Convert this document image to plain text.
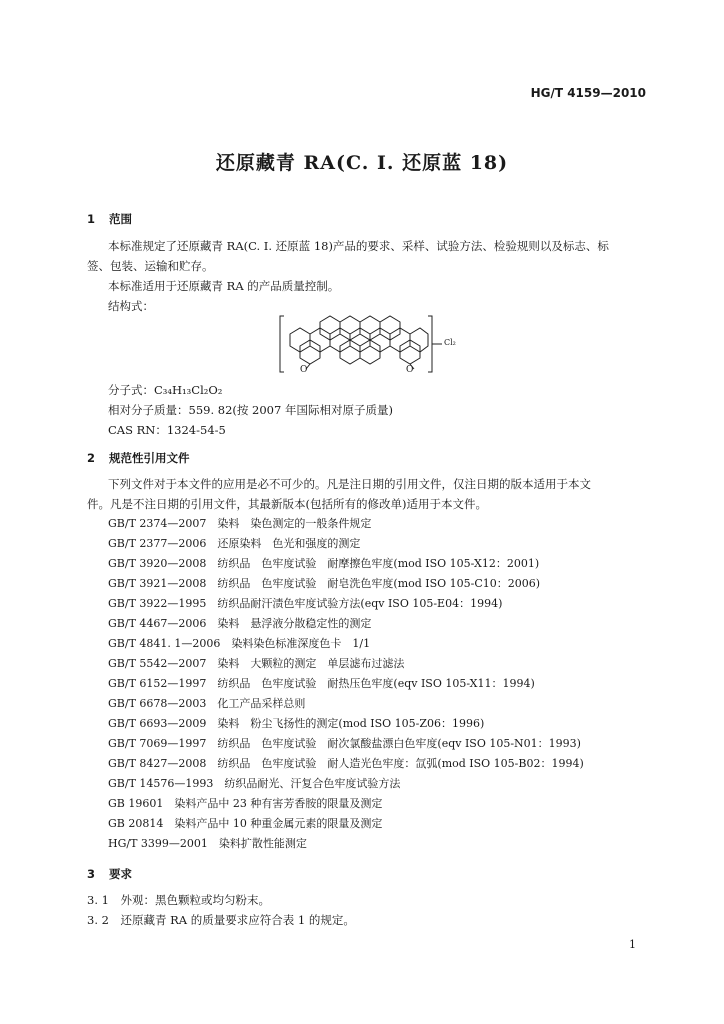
HG/T 4159—2010
还原藏青 RA(C. I. 还原蓝 18)
1 范围
本标准规定了还原藏青 RA(C. I. 还原蓝 18)产品的要求、采样、试验方法、检验规则以及标志、标
签、包装、运输和贮存。
本标准适用于还原藏青 RA 的产品质量控制。
结构式：
O	O
Cl₂
分子式：C₃₄H₁₃Cl₂O₂
相对分子质量：559. 82(按 2007 年国际相对原子质量)
CAS RN：1324-54-5
2 规范性引用文件
下列文件对于本文件的应用是必不可少的。凡是注日期的引用文件，仅注日期的版本适用于本文
件。凡是不注日期的引用文件，其最新版本(包括所有的修改单)适用于本文件。
GB/T 2374—2007　染料　染色测定的一般条件规定
GB/T 2377—2006　还原染料　色光和强度的测定
GB/T 3920—2008　纺织品　色牢度试验　耐摩擦色牢度(mod ISO 105-X12：2001)
GB/T 3921—2008　纺织品　色牢度试验　耐皂洗色牢度(mod ISO 105-C10：2006)
GB/T 3922—1995　纺织品耐汗渍色牢度试验方法(eqv ISO 105-E04：1994)
GB/T 4467—2006　染料　悬浮液分散稳定性的测定
GB/T 4841. 1—2006　染料染色标准深度色卡　1/1
GB/T 5542—2007　染料　大颗粒的测定　单层滤布过滤法
GB/T 6152—1997　纺织品　色牢度试验　耐热压色牢度(eqv ISO 105-X11：1994)
GB/T 6678—2003　化工产品采样总则
GB/T 6693—2009　染料　粉尘飞扬性的测定(mod ISO 105-Z06：1996)
GB/T 7069—1997　纺织品　色牢度试验　耐次氯酸盐漂白色牢度(eqv ISO 105-N01：1993)
GB/T 8427—2008　纺织品　色牢度试验　耐人造光色牢度：氙弧(mod ISO 105-B02：1994)
GB/T 14576—1993　纺织品耐光、汗复合色牢度试验方法
GB 19601　染料产品中 23 种有害芳香胺的限量及测定
GB 20814　染料产品中 10 种重金属元素的限量及测定
HG/T 3399—2001　染料扩散性能测定
3 要求
3. 1　外观：黑色颗粒或均匀粉末。
3. 2　还原藏青 RA 的质量要求应符合表 1 的规定。
1
